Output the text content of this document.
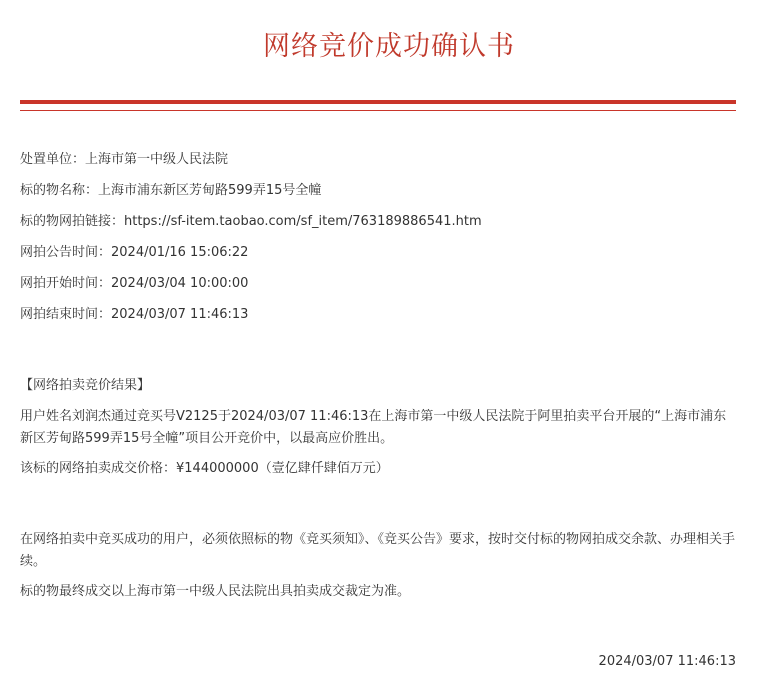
网络竞价成功确认书
处置单位：上海市第一中级人民法院
标的物名称：上海市浦东新区芳甸路599弄15号全幢
标的物网拍链接：https://sf-item.taobao.com/sf_item/763189886541.htm
网拍公告时间：2024/01/16 15:06:22
网拍开始时间：2024/03/04 10:00:00
网拍结束时间：2024/03/07 11:46:13
【网络拍卖竞价结果】
用户姓名刘润杰通过竞买号V2125于2024/03/07 11:46:13在上海市第一中级人民法院于阿里拍卖平台开展的“上海市浦东新区芳甸路599弄15号全幢”项目公开竞价中，以最高应价胜出。
该标的网络拍卖成交价格：¥144000000（壹亿肆仟肆佰万元）
在网络拍卖中竞买成功的用户，必须依照标的物《竞买须知》、《竞买公告》要求，按时交付标的物网拍成交余款、办理相关手续。
标的物最终成交以上海市第一中级人民法院出具拍卖成交裁定为准。
2024/03/07 11:46:13
